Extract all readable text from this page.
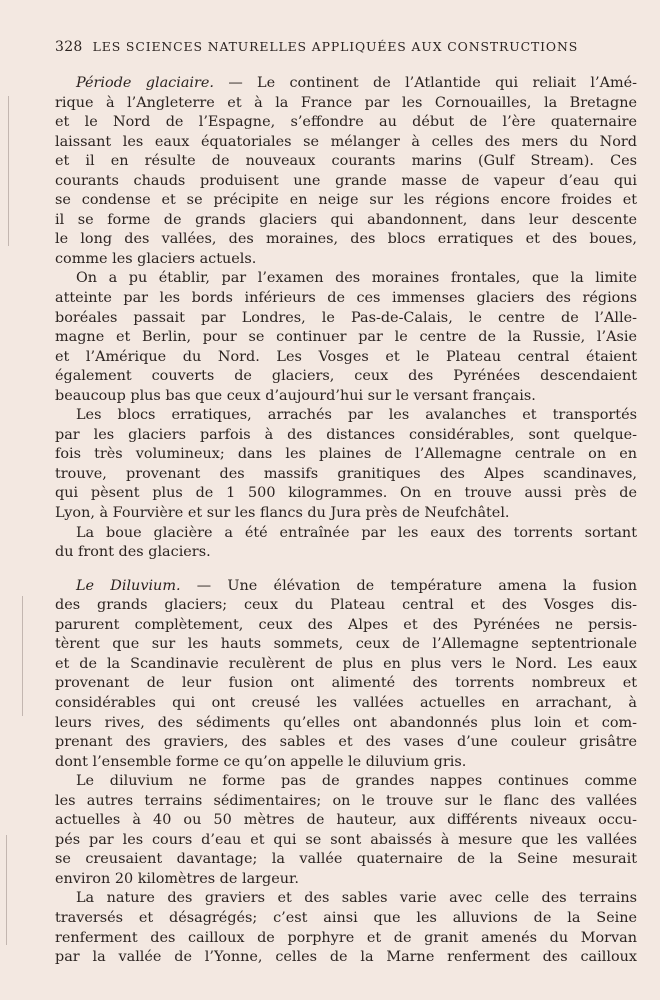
328 LES SCIENCES NATURELLES APPLIQUÉES AUX CONSTRUCTIONS
Période glaciaire. — Le continent de l’Atlantide qui reliait l’Amé-
rique à l’Angleterre et à la France par les Cornouailles, la Bretagne
et le Nord de l’Espagne, s’effondre au début de l’ère quaternaire
laissant les eaux équatoriales se mélanger à celles des mers du Nord
et il en résulte de nouveaux courants marins (Gulf Stream). Ces
courants chauds produisent une grande masse de vapeur d’eau qui
se condense et se précipite en neige sur les régions encore froides et
il se forme de grands glaciers qui abandonnent, dans leur descente
le long des vallées, des moraines, des blocs erratiques et des boues,
comme les glaciers actuels.
On a pu établir, par l’examen des moraines frontales, que la limite
atteinte par les bords inférieurs de ces immenses glaciers des régions
boréales passait par Londres, le Pas-de-Calais, le centre de l’Alle-
magne et Berlin, pour se continuer par le centre de la Russie, l’Asie
et l’Amérique du Nord. Les Vosges et le Plateau central étaient
également couverts de glaciers, ceux des Pyrénées descendaient
beaucoup plus bas que ceux d’aujourd’hui sur le versant français.
Les blocs erratiques, arrachés par les avalanches et transportés
par les glaciers parfois à des distances considérables, sont quelque-
fois très volumineux; dans les plaines de l’Allemagne centrale on en
trouve, provenant des massifs granitiques des Alpes scandinaves,
qui pèsent plus de 1 500 kilogrammes. On en trouve aussi près de
Lyon, à Fourvière et sur les flancs du Jura près de Neufchâtel.
La boue glacière a été entraînée par les eaux des torrents sortant
du front des glaciers.
Le Diluvium. — Une élévation de température amena la fusion
des grands glaciers; ceux du Plateau central et des Vosges dis-
parurent complètement, ceux des Alpes et des Pyrénées ne persis-
tèrent que sur les hauts sommets, ceux de l’Allemagne septentrionale
et de la Scandinavie reculèrent de plus en plus vers le Nord. Les eaux
provenant de leur fusion ont alimenté des torrents nombreux et
considérables qui ont creusé les vallées actuelles en arrachant, à
leurs rives, des sédiments qu’elles ont abandonnés plus loin et com-
prenant des graviers, des sables et des vases d’une couleur grisâtre
dont l’ensemble forme ce qu’on appelle le diluvium gris.
Le diluvium ne forme pas de grandes nappes continues comme
les autres terrains sédimentaires; on le trouve sur le flanc des vallées
actuelles à 40 ou 50 mètres de hauteur, aux différents niveaux occu-
pés par les cours d’eau et qui se sont abaissés à mesure que les vallées
se creusaient davantage; la vallée quaternaire de la Seine mesurait
environ 20 kilomètres de largeur.
La nature des graviers et des sables varie avec celle des terrains
traversés et désagrégés; c’est ainsi que les alluvions de la Seine
renferment des cailloux de porphyre et de granit amenés du Morvan
par la vallée de l’Yonne, celles de la Marne renferment des cailloux
